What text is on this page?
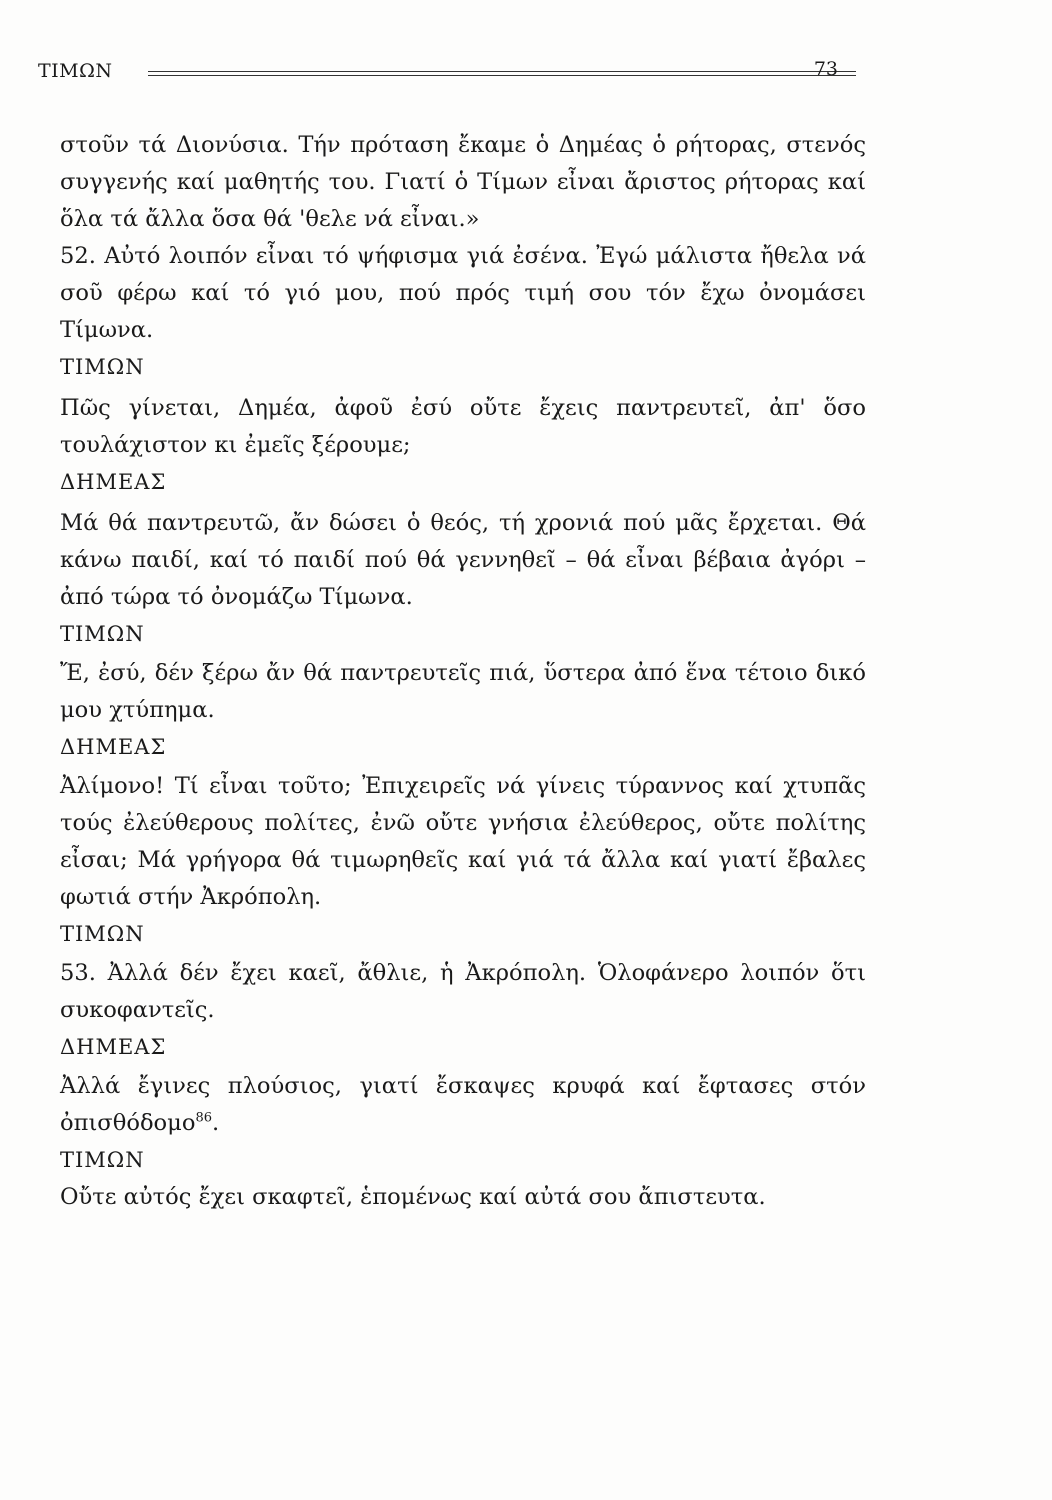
ΤΙΜΩΝ	73

στοῦν τά Διονύσια. Τήν πρόταση ἔκαμε ὁ Δημέας ὁ ρήτορας, στενός συγγενής καί μαθητής του. Γιατί ὁ Τίμων εἶναι ἄριστος ρήτορας καί ὅλα τά ἄλλα ὅσα θά 'θελε νά εἶναι.»

52. Αὐτό λοιπόν εἶναι τό ψήφισμα γιά ἐσένα. Ἐγώ μάλιστα ἤθελα νά σοῦ φέρω καί τό γιό μου, πού πρός τιμή σου τόν ἔχω ὀνομάσει Τίμωνα.

ΤΙΜΩΝ

Πῶς γίνεται, Δημέα, ἀφοῦ ἐσύ οὔτε ἔχεις παντρευτεῖ, ἀπ' ὅσο τουλάχιστον κι ἐμεῖς ξέρουμε;

ΔΗΜΕΑΣ

Μά θά παντρευτῶ, ἄν δώσει ὁ θεός, τή χρονιά πού μᾶς ἔρχεται. Θά κάνω παιδί, καί τό παιδί πού θά γεννηθεῖ – θά εἶναι βέβαια ἀγόρι – ἀπό τώρα τό ὀνομάζω Τίμωνα.

ΤΙΜΩΝ

Ἔ, ἐσύ, δέν ξέρω ἄν θά παντρευτεῖς πιά, ὕστερα ἀπό ἕνα τέτοιο δικό μου χτύπημα.

ΔΗΜΕΑΣ

Ἀλίμονο! Τί εἶναι τοῦτο; Ἐπιχειρεῖς νά γίνεις τύραννος καί χτυπᾶς τούς ἐλεύθερους πολίτες, ἐνῶ οὔτε γνήσια ἐλεύθερος, οὔτε πολίτης εἶσαι; Μά γρήγορα θά τιμωρηθεῖς καί γιά τά ἄλλα καί γιατί ἔβαλες φωτιά στήν Ἀκρόπολη.

ΤΙΜΩΝ

53. Ἀλλά δέν ἔχει καεῖ, ἄθλιε, ἡ Ἀκρόπολη. Ὁλοφάνερο λοιπόν ὅτι συκοφαντεῖς.

ΔΗΜΕΑΣ

Ἀλλά ἔγινες πλούσιος, γιατί ἔσκαψες κρυφά καί ἔφτασες στόν ὀπισθόδομο$^{86}$.

ΤΙΜΩΝ

Οὔτε αὐτός ἔχει σκαφτεῖ, ἑπομένως καί αὐτά σου ἄπιστευτα.
